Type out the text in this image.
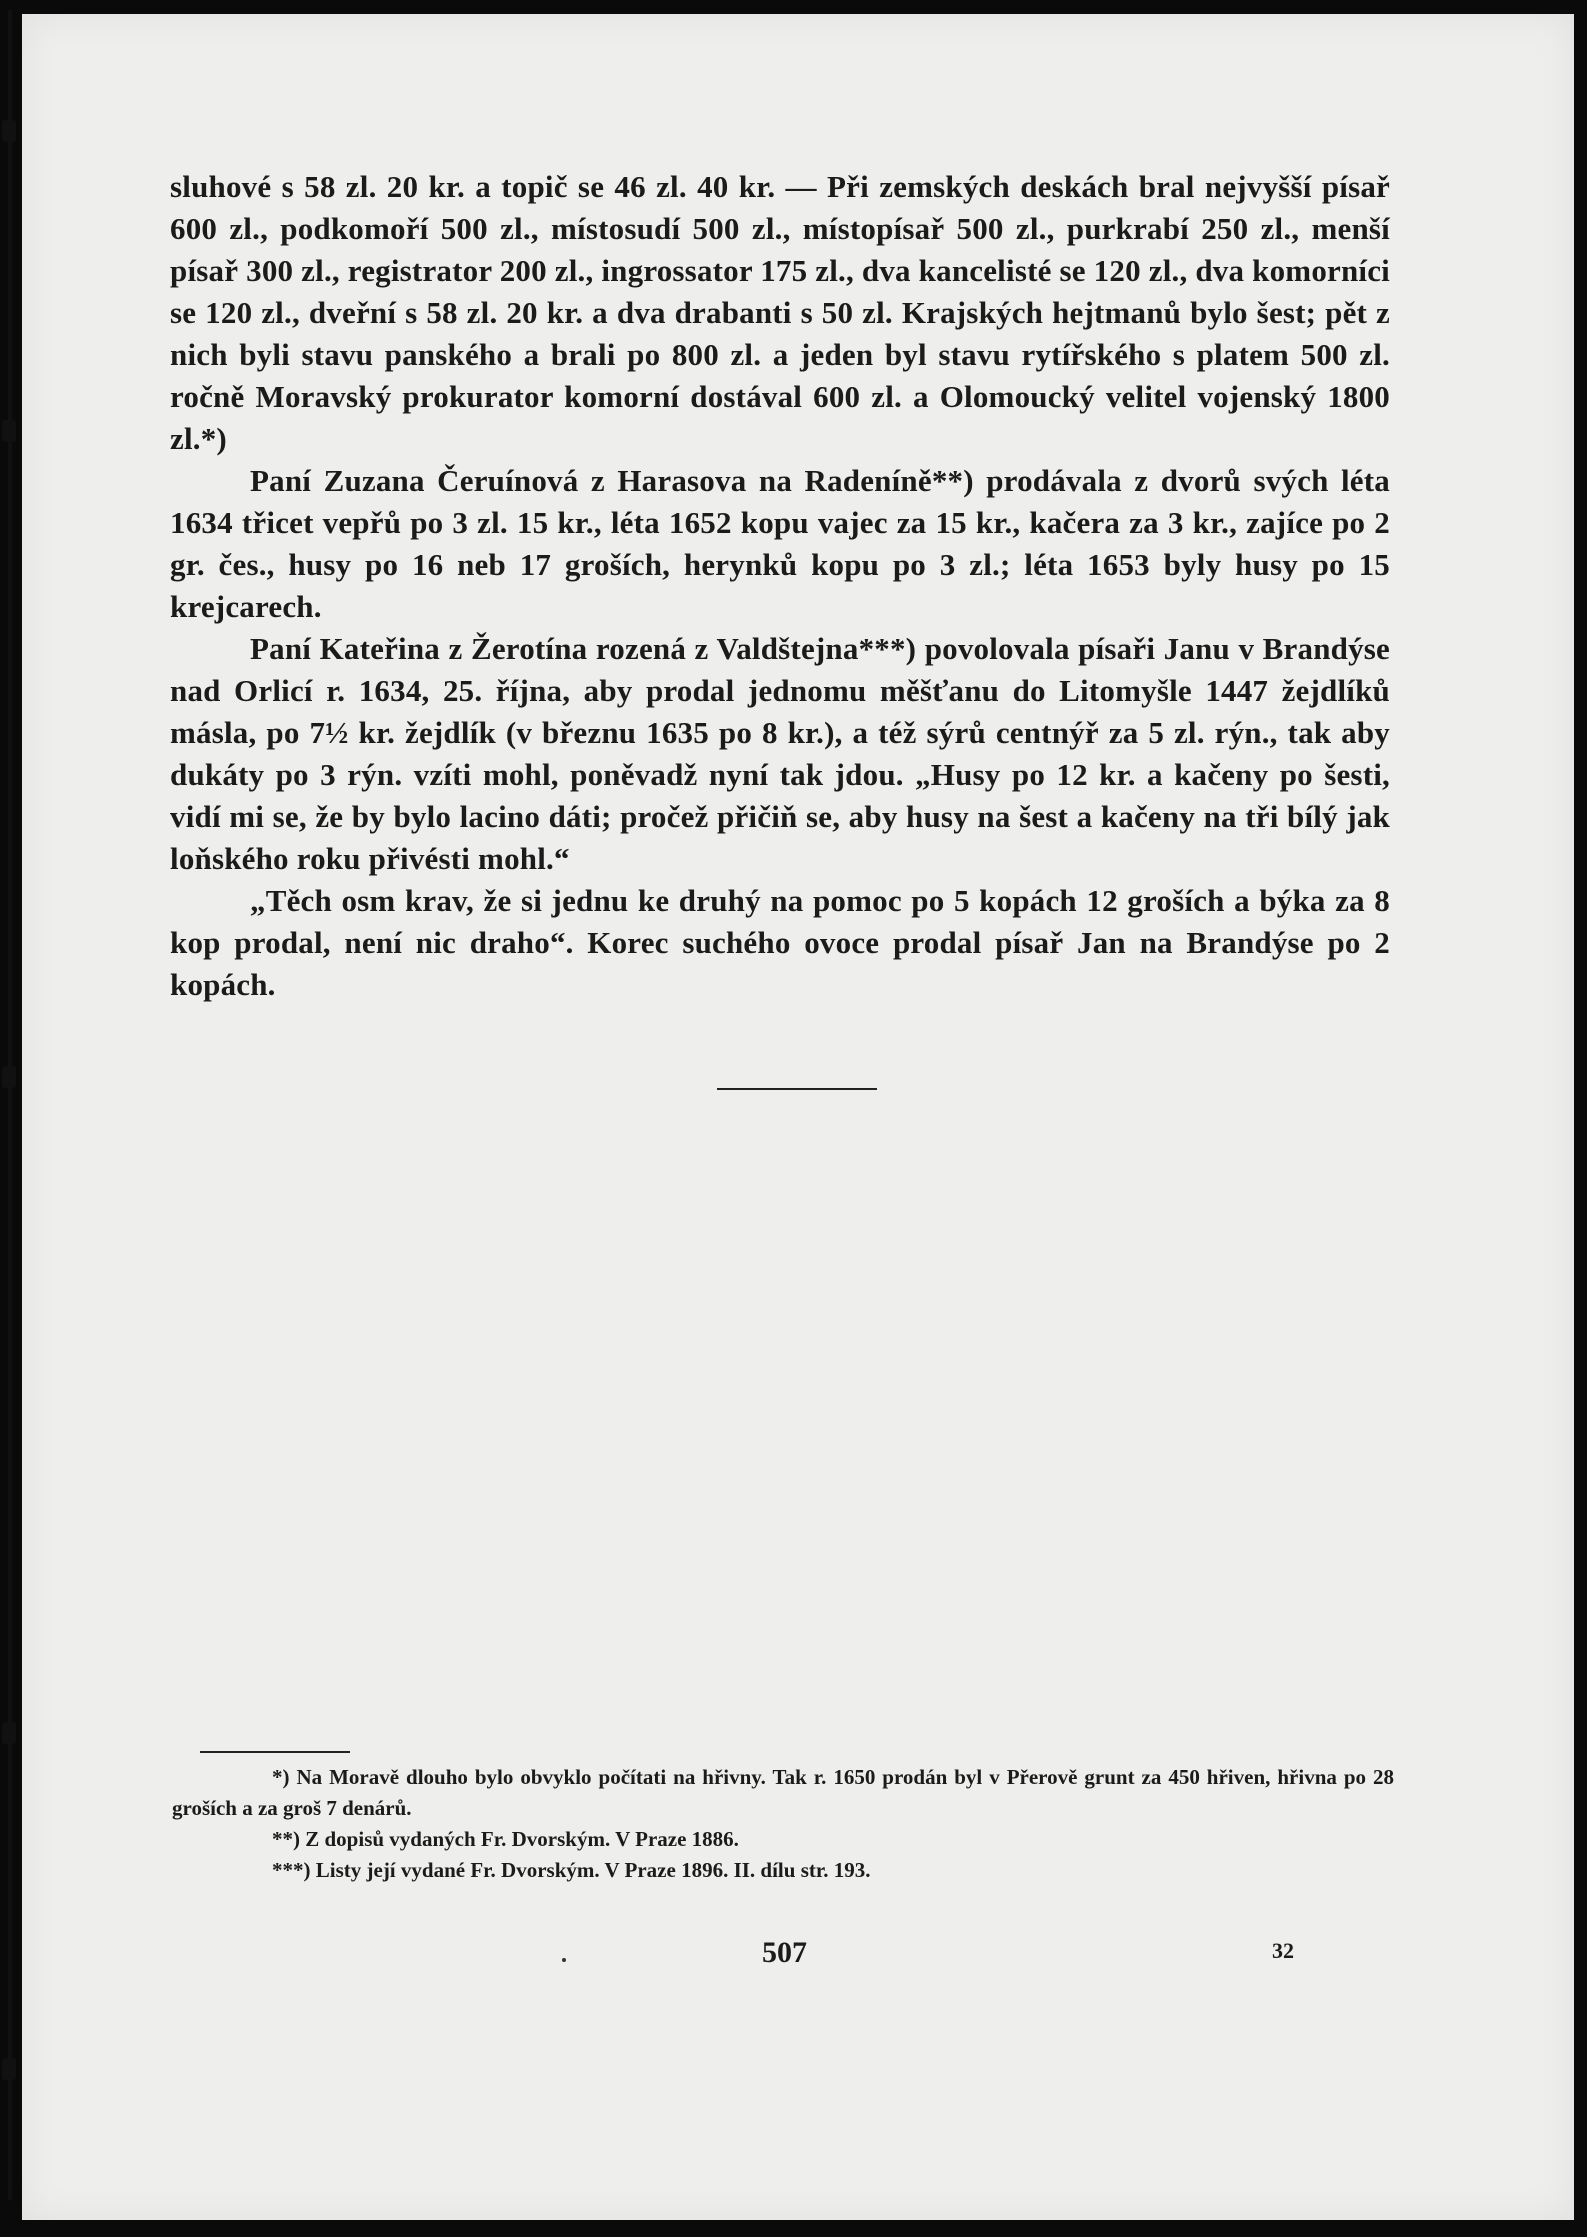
sluhové s 58 zl. 20 kr. a topič se 46 zl. 40 kr. — Při zemských deskách bral nejvyšší písař 600 zl., podkomoří 500 zl., místosudí 500 zl., místopísař 500 zl., purkrabí 250 zl., menší písař 300 zl., registrator 200 zl., ingrossator 175 zl., dva kancelisté se 120 zl., dva komorníci se 120 zl., dveřní s 58 zl. 20 kr. a dva drabanti s 50 zl. Krajských hejtmanů bylo šest; pět z nich byli stavu panského a brali po 800 zl. a jeden byl stavu rytířského s platem 500 zl. ročně Moravský prokurator komorní dostával 600 zl. a Olomoucký velitel vojenský 1800 zl.*)

Paní Zuzana Čeruínová z Harasova na Radeníně**) prodávala z dvorů svých léta 1634 třicet vepřů po 3 zl. 15 kr., léta 1652 kopu vajec za 15 kr., kačera za 3 kr., zajíce po 2 gr. čes., husy po 16 neb 17 groších, herynků kopu po 3 zl.; léta 1653 byly husy po 15 krejcarech.

Paní Kateřina z Žerotína rozená z Valdštejna***) povolovala písaři Janu v Brandýse nad Orlicí r. 1634, 25. října, aby prodal jednomu měšťanu do Litomyšle 1447 žejdlíků másla, po 7½ kr. žejdlík (v březnu 1635 po 8 kr.), a též sýrů centnýř za 5 zl. rýn., tak aby dukáty po 3 rýn. vzíti mohl, poněvadž nyní tak jdou. „Husy po 12 kr. a kačeny po šesti, vidí mi se, že by bylo lacino dáti; pročež přičiň se, aby husy na šest a kačeny na tři bílý jak loňského roku přivésti mohl.“

„Těch osm krav, že si jednu ke druhý na pomoc po 5 kopách 12 groších a býka za 8 kop prodal, není nic draho“. Korec suchého ovoce prodal písař Jan na Brandýse po 2 kopách.

*) Na Moravě dlouho bylo obvyklo počítati na hřivny. Tak r. 1650 prodán byl v Přerově grunt za 450 hřiven, hřivna po 28 groších a za groš 7 denárů.

**) Z dopisů vydaných Fr. Dvorským. V Praze 1886.

***) Listy její vydané Fr. Dvorským. V Praze 1896. II. dílu str. 193.

507	32
